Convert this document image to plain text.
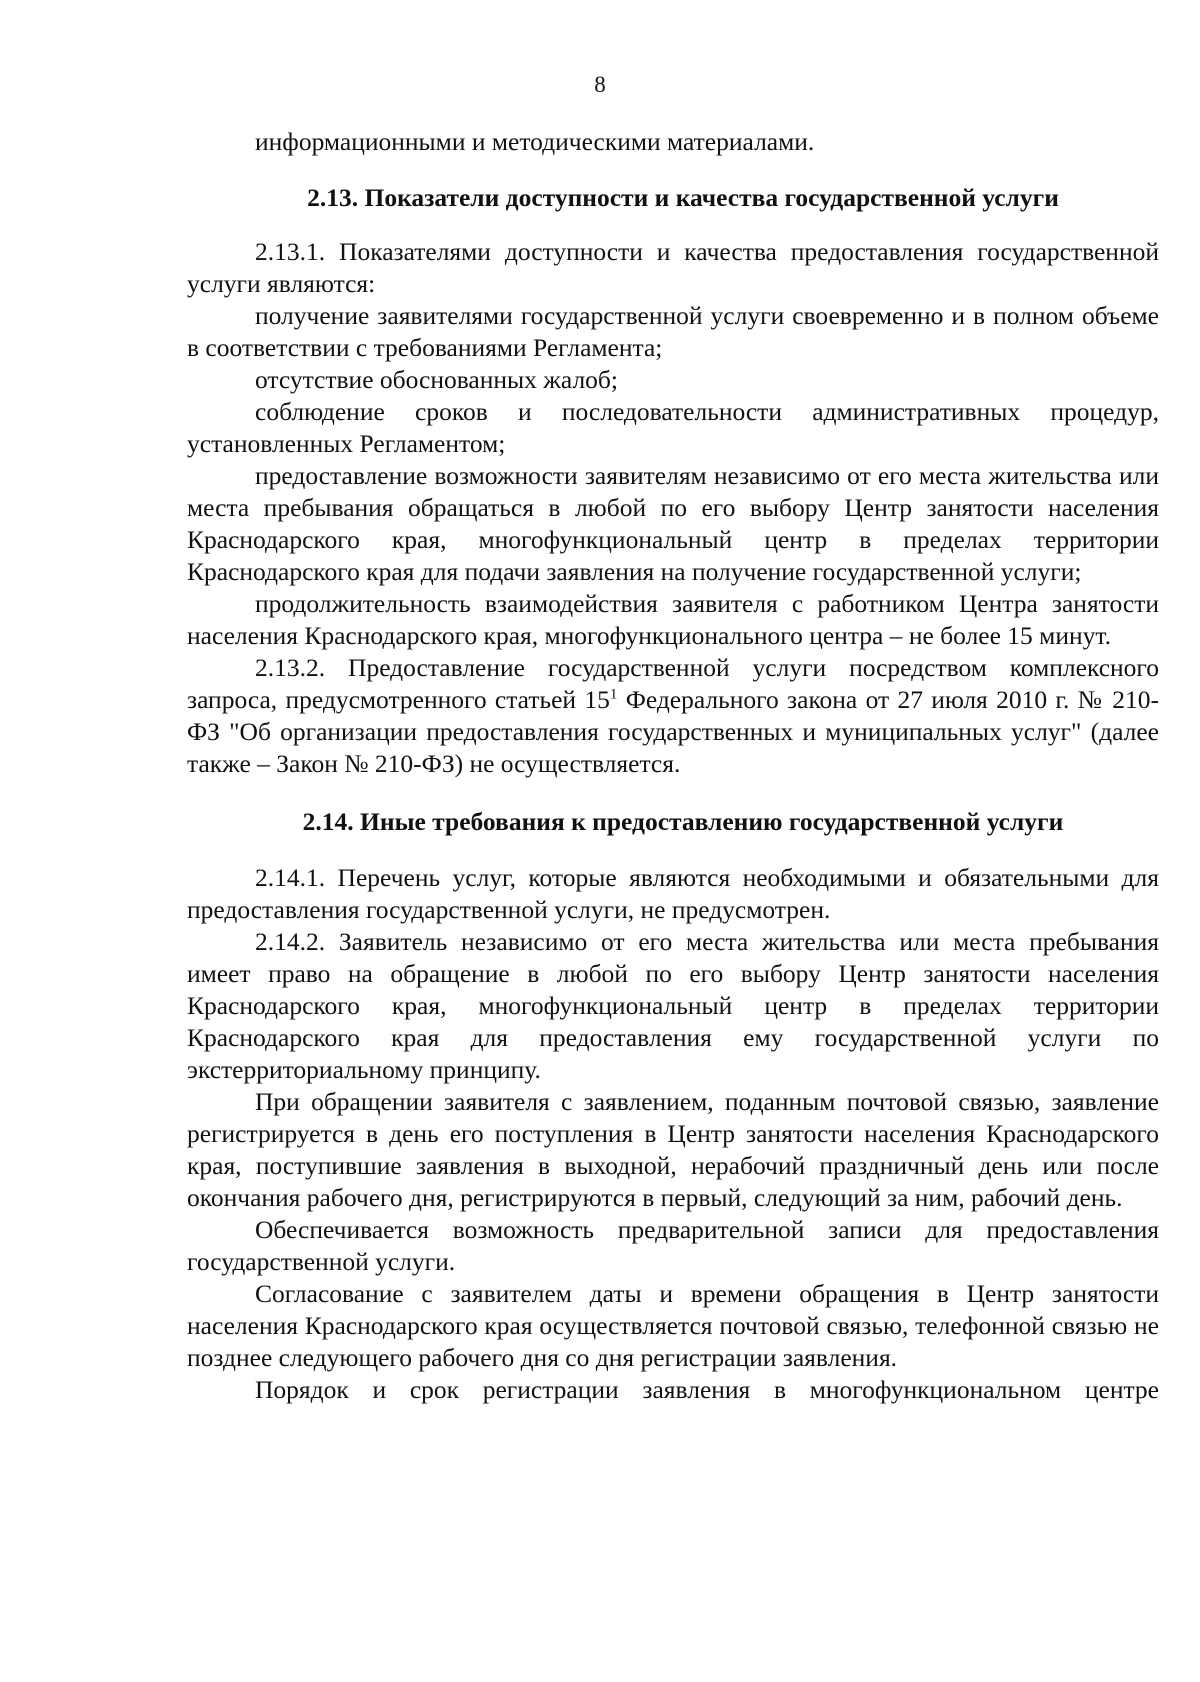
8

информационными и методическими материалами.

2.13. Показатели доступности и качества государственной услуги

2.13.1. Показателями доступности и качества предоставления государственной услуги являются:

получение заявителями государственной услуги своевременно и в полном объеме в соответствии с требованиями Регламента;

отсутствие обоснованных жалоб;

соблюдение сроков и последовательности административных процедур, установленных Регламентом;

предоставление возможности заявителям независимо от его места жительства или места пребывания обращаться в любой по его выбору Центр занятости населения Краснодарского края, многофункциональный центр в пределах территории Краснодарского края для подачи заявления на получение государственной услуги;

продолжительность взаимодействия заявителя с работником Центра занятости населения Краснодарского края, многофункционального центра – не более 15 минут.

2.13.2. Предоставление государственной услуги посредством комплексного запроса, предусмотренного статьей $15^1$ Федерального закона от 27 июля 2010 г. № 210-ФЗ "Об организации предоставления государственных и муниципальных услуг" (далее также – Закон № 210-ФЗ) не осуществляется.

2.14. Иные требования к предоставлению государственной услуги

2.14.1. Перечень услуг, которые являются необходимыми и обязательными для предоставления государственной услуги, не предусмотрен.

2.14.2. Заявитель независимо от его места жительства или места пребывания имеет право на обращение в любой по его выбору Центр занятости населения Краснодарского края, многофункциональный центр в пределах территории Краснодарского края для предоставления ему государственной услуги по экстерриториальному принципу.

При обращении заявителя с заявлением, поданным почтовой связью, заявление регистрируется в день его поступления в Центр занятости населения Краснодарского края, поступившие заявления в выходной, нерабочий праздничный день или после окончания рабочего дня, регистрируются в первый, следующий за ним, рабочий день.

Обеспечивается возможность предварительной записи для предоставления государственной услуги.

Согласование с заявителем даты и времени обращения в Центр занятости населения Краснодарского края осуществляется почтовой связью, телефонной связью не позднее следующего рабочего дня со дня регистрации заявления.

Порядок и срок регистрации заявления в многофункциональном центре
